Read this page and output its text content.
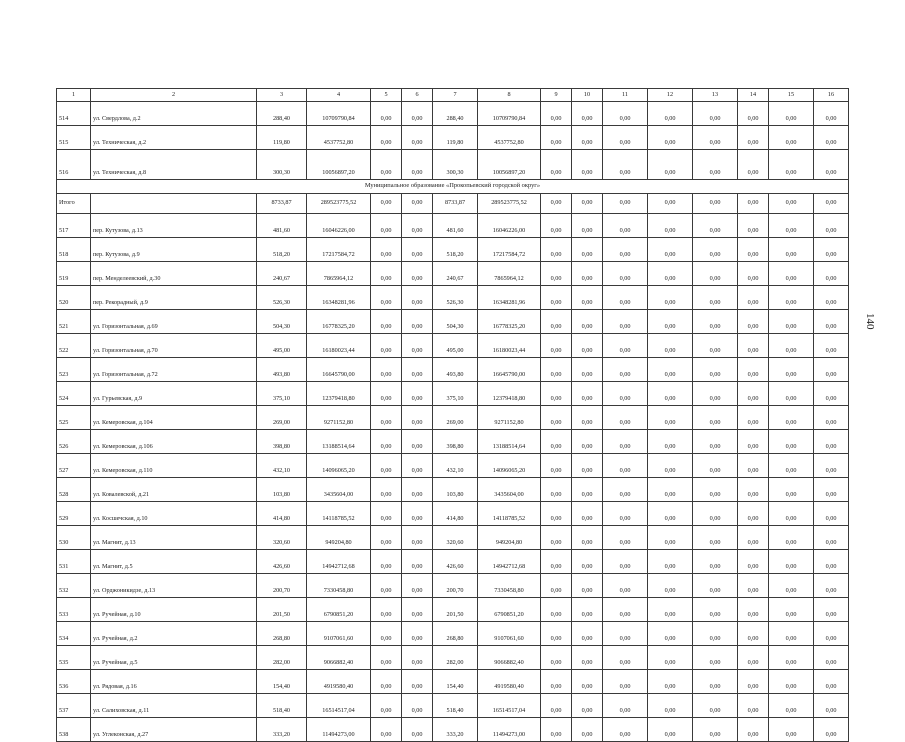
1	2	3	4	5	6	7	8	9	10	11	12	13	14	15	16
514	ул. Свердлова, д.2	288,40	10709790,84	0,00	0,00	288,40	10709790,84	0,00	0,00	0,00	0,00	0,00	0,00	0,00	0,00
515	ул. Техническая, д.2	119,80	4537752,80	0,00	0,00	119,80	4537752,80	0,00	0,00	0,00	0,00	0,00	0,00	0,00	0,00
516	ул. Техническая, д.8	300,30	10056897,20	0,00	0,00	300,30	10056897,20	0,00	0,00	0,00	0,00	0,00	0,00	0,00	0,00
Муниципальное образование «Прокопьевский городской округ»															
Итого		8733,87	289523775,52	0,00	0,00	8733,87	289523775,52	0,00	0,00	0,00	0,00	0,00	0,00	0,00	0,00
517	пер. Кутузова, д.13	481,60	16046226,00	0,00	0,00	481,60	16046226,00	0,00	0,00	0,00	0,00	0,00	0,00	0,00	0,00
518	пер. Кутузова, д.9	518,20	17217584,72	0,00	0,00	518,20	17217584,72	0,00	0,00	0,00	0,00	0,00	0,00	0,00	0,00
519	пер. Менделеевский, д.30	240,67	7865964,12	0,00	0,00	240,67	7865964,12	0,00	0,00	0,00	0,00	0,00	0,00	0,00	0,00
520	пер. Рекорадный, д.9	526,30	16348281,96	0,00	0,00	526,30	16348281,96	0,00	0,00	0,00	0,00	0,00	0,00	0,00	0,00
521	ул. Горизонтальная, д.69	504,30	16778325,20	0,00	0,00	504,30	16778325,20	0,00	0,00	0,00	0,00	0,00	0,00	0,00	0,00
522	ул. Горизонтальная, д.70	495,00	16180023,44	0,00	0,00	495,00	16180023,44	0,00	0,00	0,00	0,00	0,00	0,00	0,00	0,00
523	ул. Горизонтальная, д.72	493,80	16645790,00	0,00	0,00	493,80	16645790,00	0,00	0,00	0,00	0,00	0,00	0,00	0,00	0,00
524	ул. Гурьевская, д.9	375,10	12379418,80	0,00	0,00	375,10	12379418,80	0,00	0,00	0,00	0,00	0,00	0,00	0,00	0,00
525	ул. Кемеровская, д.104	269,00	9271152,80	0,00	0,00	269,00	9271152,80	0,00	0,00	0,00	0,00	0,00	0,00	0,00	0,00
526	ул. Кемеровская, д.106	398,80	13188514,64	0,00	0,00	398,80	13188514,64	0,00	0,00	0,00	0,00	0,00	0,00	0,00	0,00
527	ул. Кемеровская, д.110	432,10	14096065,20	0,00	0,00	432,10	14096065,20	0,00	0,00	0,00	0,00	0,00	0,00	0,00	0,00
528	ул. Ковалевской, д.21	103,80	3435604,00	0,00	0,00	103,80	3435604,00	0,00	0,00	0,00	0,00	0,00	0,00	0,00	0,00
529	ул. Косшечская, д.10	414,80	14118785,52	0,00	0,00	414,80	14118785,52	0,00	0,00	0,00	0,00	0,00	0,00	0,00	0,00
530	ул. Магнит, д.13	320,60	949204,80	0,00	0,00	320,60	949204,80	0,00	0,00	0,00	0,00	0,00	0,00	0,00	0,00
531	ул. Магнит, д.5	426,60	14942712,68	0,00	0,00	426,60	14942712,68	0,00	0,00	0,00	0,00	0,00	0,00	0,00	0,00
532	ул. Орджоникидзе, д.13	200,70	7330458,80	0,00	0,00	200,70	7330458,80	0,00	0,00	0,00	0,00	0,00	0,00	0,00	0,00
533	ул. Ручейная, д.10	201,50	6790851,20	0,00	0,00	201,50	6790851,20	0,00	0,00	0,00	0,00	0,00	0,00	0,00	0,00
534	ул. Ручейная, д.2	268,80	9107061,60	0,00	0,00	268,80	9107061,60	0,00	0,00	0,00	0,00	0,00	0,00	0,00	0,00
535	ул. Ручейная, д.5	282,00	9066882,40	0,00	0,00	282,00	9066882,40	0,00	0,00	0,00	0,00	0,00	0,00	0,00	0,00
536	ул. Рядовая, д.16	154,40	4919580,40	0,00	0,00	154,40	4919580,40	0,00	0,00	0,00	0,00	0,00	0,00	0,00	0,00
537	ул. Салиховская, д.11	518,40	16514517,04	0,00	0,00	518,40	16514517,04	0,00	0,00	0,00	0,00	0,00	0,00	0,00	0,00
538	ул. Углеконская, д.27	333,20	11494273,00	0,00	0,00	333,20	11494273,00	0,00	0,00	0,00	0,00	0,00	0,00	0,00	0,00
140
